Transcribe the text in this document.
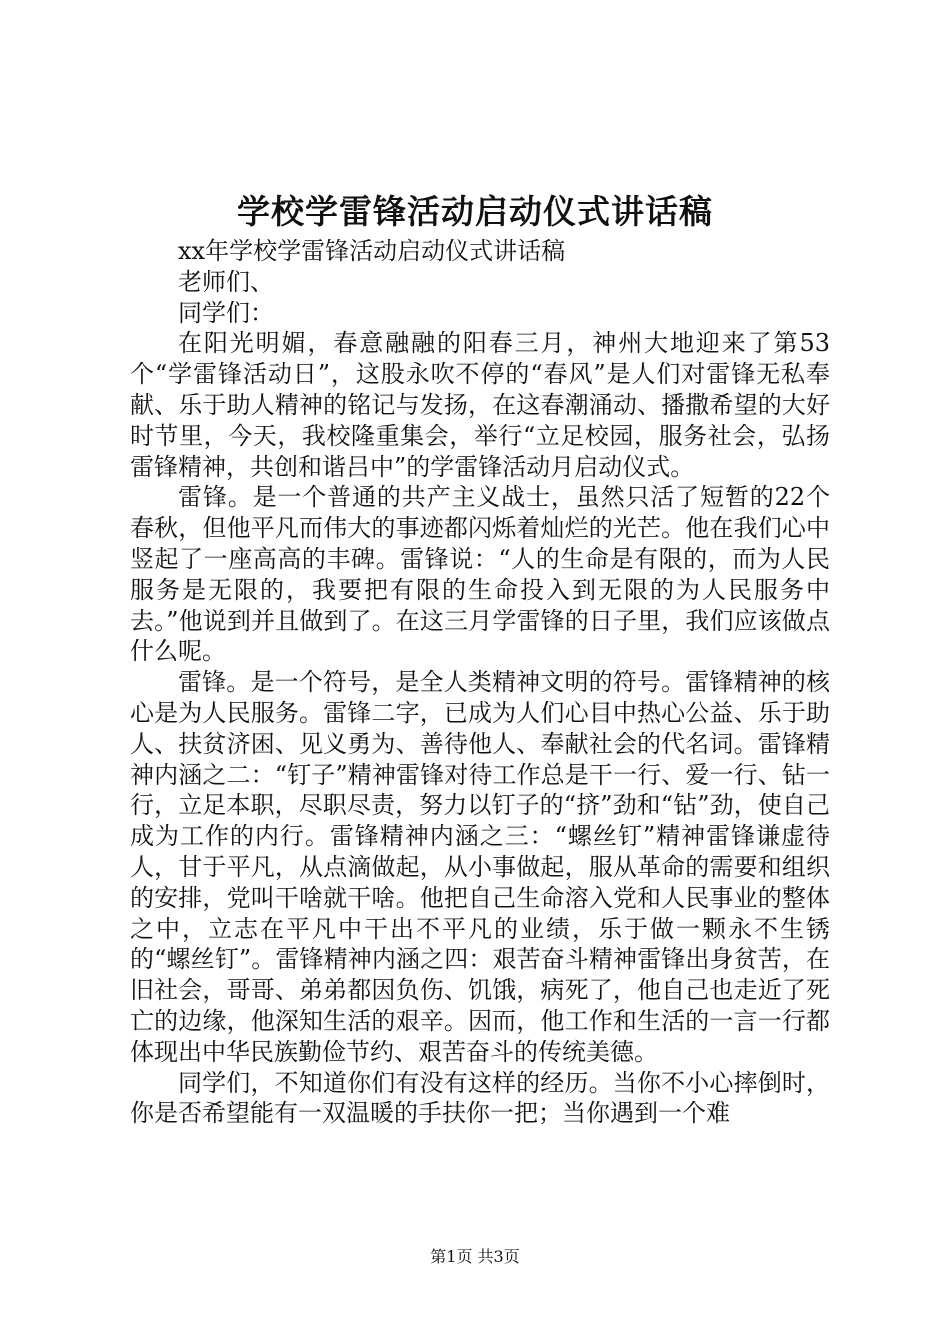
学校学雷锋活动启动仪式讲话稿

xx年学校学雷锋活动启动仪式讲话稿

老师们、

同学们：

在阳光明媚，春意融融的阳春三月，神州大地迎来了第53个“学雷锋活动日”，这股永吹不停的“春风”是人们对雷锋无私奉献、乐于助人精神的铭记与发扬，在这春潮涌动、播撒希望的大好时节里，今天，我校隆重集会，举行“立足校园，服务社会，弘扬雷锋精神，共创和谐吕中”的学雷锋活动月启动仪式。

雷锋。是一个普通的共产主义战士，虽然只活了短暂的22个春秋，但他平凡而伟大的事迹都闪烁着灿烂的光芒。他在我们心中竖起了一座高高的丰碑。雷锋说：“人的生命是有限的，而为人民服务是无限的，我要把有限的生命投入到无限的为人民服务中去。”他说到并且做到了。在这三月学雷锋的日子里，我们应该做点什么呢。

雷锋。是一个符号，是全人类精神文明的符号。雷锋精神的核心是为人民服务。雷锋二字，已成为人们心目中热心公益、乐于助人、扶贫济困、见义勇为、善待他人、奉献社会的代名词。雷锋精神内涵之二：“钉子”精神雷锋对待工作总是干一行、爱一行、钻一行，立足本职，尽职尽责，努力以钉子的“挤”劲和“钻”劲，使自己成为工作的内行。雷锋精神内涵之三：“螺丝钉”精神雷锋谦虚待人，甘于平凡，从点滴做起，从小事做起，服从革命的需要和组织的安排，党叫干啥就干啥。他把自己生命溶入党和人民事业的整体之中，立志在平凡中干出不平凡的业绩，乐于做一颗永不生锈的“螺丝钉”。雷锋精神内涵之四：艰苦奋斗精神雷锋出身贫苦，在旧社会，哥哥、弟弟都因负伤、饥饿，病死了，他自己也走近了死亡的边缘，他深知生活的艰辛。因而，他工作和生活的一言一行都体现出中华民族勤俭节约、艰苦奋斗的传统美德。

同学们，不知道你们有没有这样的经历。当你不小心摔倒时，你是否希望能有一双温暖的手扶你一把；当你遇到一个难

第1页 共3页
